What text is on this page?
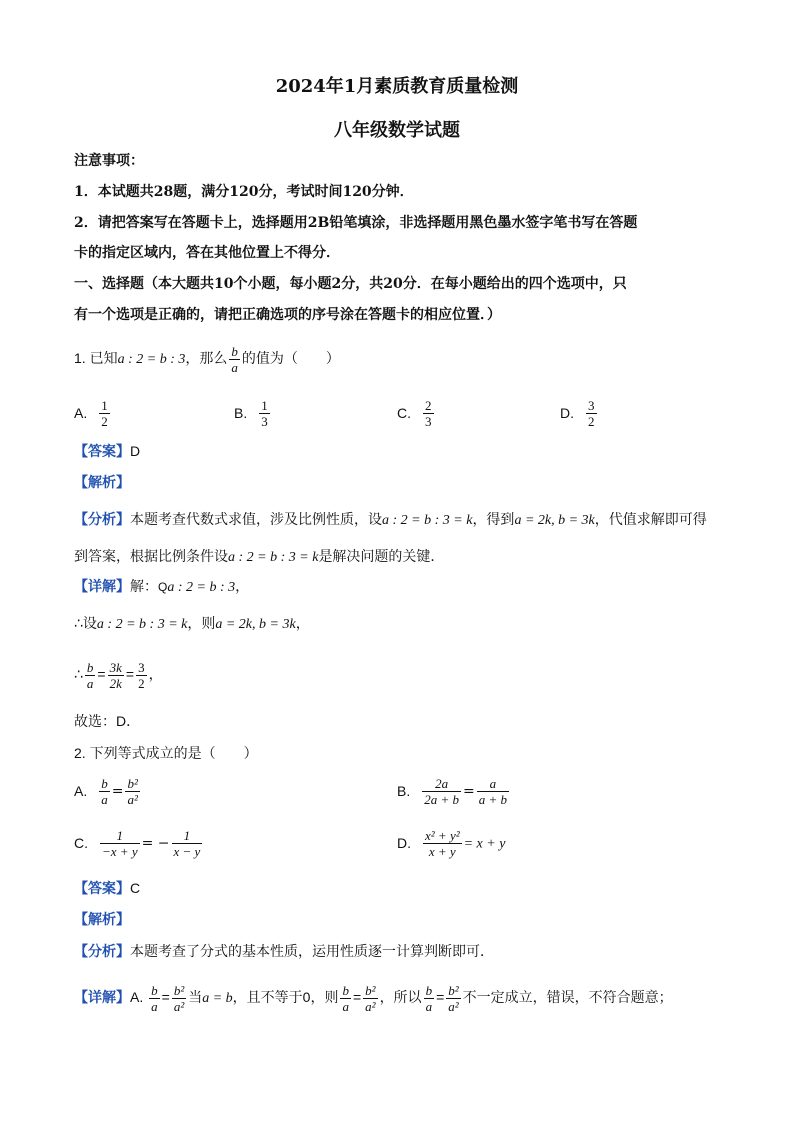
2024年1月素质教育质量检测
八年级数学试题
注意事项：
1．本试题共28题，满分120分，考试时间120分钟．
2．请把答案写在答题卡上，选择题用2B铅笔填涂，非选择题用黑色墨水签字笔书写在答题
卡的指定区域内，答在其他位置上不得分．
一、选择题（本大题共10个小题，每小题2分，共20分．在每小题给出的四个选项中，只
有一个选项是正确的，请把正确选项的序号涂在答题卡的相应位置．）
1. 已知a : 2 = b : 3，那么 $\frac{b}{a}$ 的值为（　　）
A. $\frac{1}{2}$	B. $\frac{1}{3}$	C. $\frac{2}{3}$	D. $\frac{3}{2}$
【答案】D
【解析】
【分析】本题考查代数式求值，涉及比例性质，设a : 2 = b : 3 = k，得到a = 2k, b = 3k，代值求解即可得
到答案，根据比例条件设a : 2 = b : 3 = k是解决问题的关键．
【详解】解：Qa : 2 = b : 3，
∴设a : 2 = b : 3 = k，则a = 2k, b = 3k，
∴ $\frac{b}{a} = \frac{3k}{2k} = \frac{3}{2}$ ，
故选：D．
2. 下列等式成立的是（　　）
A. $\frac{b}{a} = \frac{\text{b²}}{\text{a²}}$	B. $\frac{2a}{2a + b} = \frac{a}{a + b}$
C. $\frac{1}{-x + y}$ = − $\frac{1}{x - y}$	D. $\frac{\text{x² + y²}}{x + y} = x + y$
【答案】C
【解析】
【分析】本题考查了分式的基本性质，运用性质逐一计算判断即可．
【详解】A. $\frac{b}{a} = \frac{\text{b²}}{\text{a²}}$ 当a = b，且不等于0，则 $\frac{b}{a} = \frac{\text{b²}}{\text{a²}}$ ，所以 $\frac{b}{a} = \frac{\text{b²}}{\text{a²}}$ 不一定成立，错误，不符合题意；
